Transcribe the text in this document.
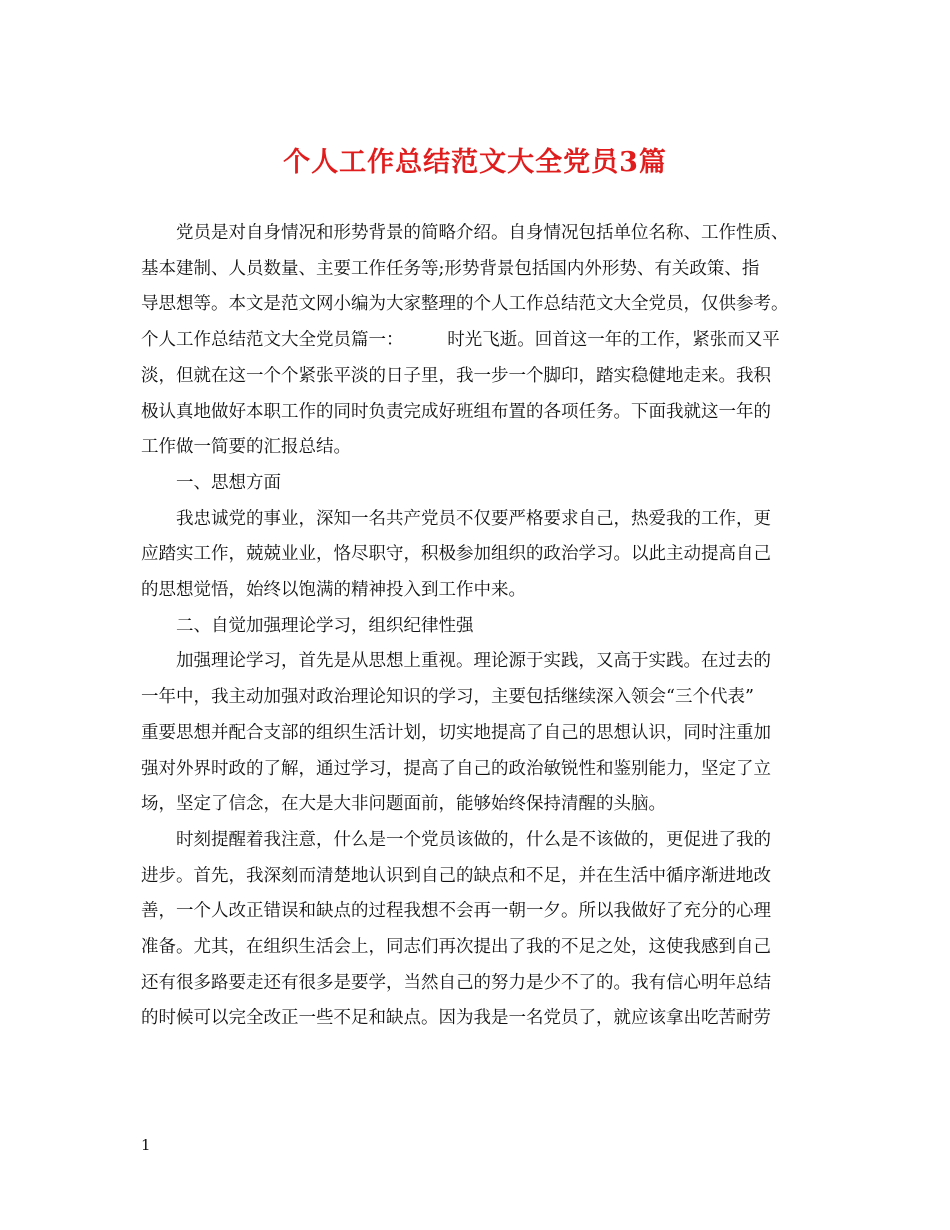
个人工作总结范文大全党员3篇
　　党员是对自身情况和形势背景的简略介绍。自身情况包括单位名称、工作性质、
基本建制、人员数量、主要工作任务等;形势背景包括国内外形势、有关政策、指
导思想等。本文是范文网小编为大家整理的个人工作总结范文大全党员，仅供参考。
个人工作总结范文大全党员篇一：　　　时光飞逝。回首这一年的工作，紧张而又平
淡，但就在这一个个紧张平淡的日子里，我一步一个脚印，踏实稳健地走来。我积
极认真地做好本职工作的同时负责完成好班组布置的各项任务。下面我就这一年的
工作做一简要的汇报总结。
　　一、思想方面
　　我忠诚党的事业，深知一名共产党员不仅要严格要求自己，热爱我的工作，更
应踏实工作，兢兢业业，恪尽职守，积极参加组织的政治学习。以此主动提高自己
的思想觉悟，始终以饱满的精神投入到工作中来。
　　二、自觉加强理论学习，组织纪律性强
　　加强理论学习，首先是从思想上重视。理论源于实践，又高于实践。在过去的
一年中，我主动加强对政治理论知识的学习，主要包括继续深入领会“三个代表”
重要思想并配合支部的组织生活计划，切实地提高了自己的思想认识，同时注重加
强对外界时政的了解，通过学习，提高了自己的政治敏锐性和鉴别能力，坚定了立
场，坚定了信念，在大是大非问题面前，能够始终保持清醒的头脑。
　　时刻提醒着我注意，什么是一个党员该做的，什么是不该做的，更促进了我的
进步。首先，我深刻而清楚地认识到自己的缺点和不足，并在生活中循序渐进地改
善，一个人改正错误和缺点的过程我想不会再一朝一夕。所以我做好了充分的心理
准备。尤其，在组织生活会上，同志们再次提出了我的不足之处，这使我感到自己
还有很多路要走还有很多是要学，当然自己的努力是少不了的。我有信心明年总结
的时候可以完全改正一些不足和缺点。因为我是一名党员了，就应该拿出吃苦耐劳
1
